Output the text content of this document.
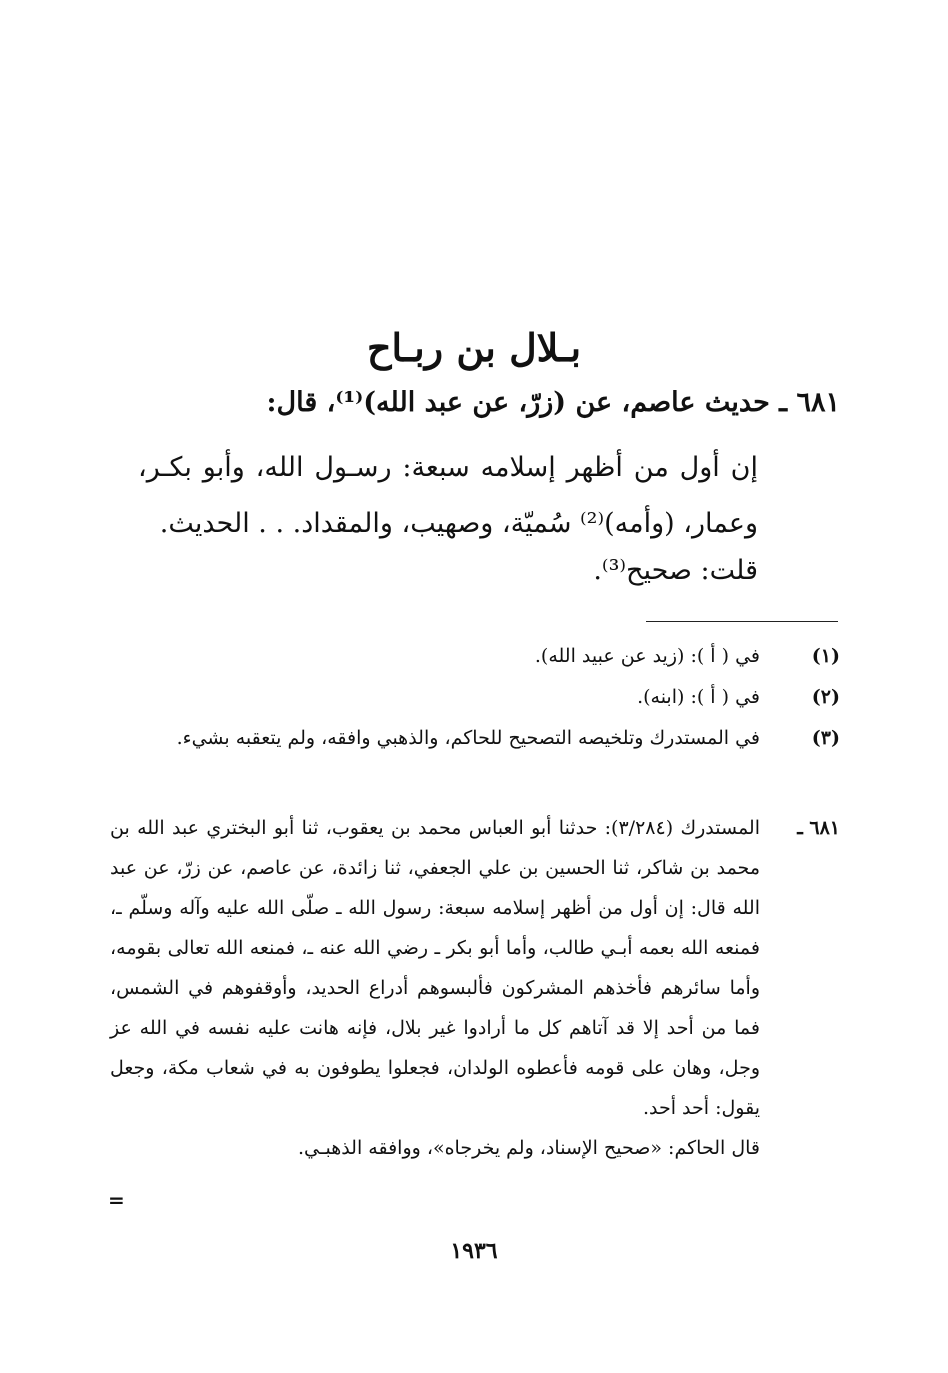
بـلال بن ربـاح
٦٨١ ـ حديث عاصم، عن (زرّ، عن عبد الله)⁽¹⁾، قال:

إن أول من أظهر إسلامه سبعة: رسـول الله، وأبو بكـر، وعمار، (وأمه)⁽²⁾ سُميّة، وصهيب، والمقداد. . . الحديث.

قلت: صحيح⁽³⁾.
(١)
في ( أ ): (زيد عن عبيد الله).
(٢)
في ( أ ): (ابنه).
(٣)
في المستدرك وتلخيصه التصحيح للحاكم، والذهبي وافقه، ولم يتعقبه بشيء.
٦٨١ ـ
المستدرك (٣/٢٨٤): حدثنا أبو العباس محمد بن يعقوب، ثنا أبو البختري عبد الله بن محمد بن شاكر، ثنا الحسين بن علي الجعفي، ثنا زائدة، عن عاصم، عن زرّ، عن عبد الله قال: إن أول من أظهر إسلامه سبعة: رسول الله ـ صلّى الله عليه وآله وسلّم ـ، فمنعه الله بعمه أبـي طالب، وأما أبو بكر ـ رضي الله عنه ـ، فمنعه الله تعالى بقومه، وأما سائرهم فأخذهم المشركون فألبسوهم أدراع الحديد، وأوقفوهم في الشمس، فما من أحد إلا قد آتاهم كل ما أرادوا غير بلال، فإنه هانت عليه نفسه في الله عز وجل، وهان على قومه فأعطوه الولدان، فجعلوا يطوفون به في شعاب مكة، وجعل يقول: أحد أحد.
قال الحاكم: «صحيح الإسناد، ولم يخرجاه»، ووافقه الذهبـي.
=
١٩٣٦
